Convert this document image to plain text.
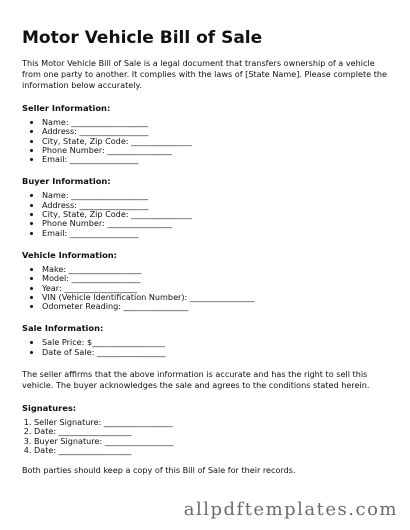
Motor Vehicle Bill of Sale

This Motor Vehicle Bill of Sale is a legal document that transfers ownership of a vehicle from one party to another. It complies with the laws of [State Name]. Please complete the information below accurately.

Seller Information:
• Name: ___________________
• Address: _________________
• City, State, Zip Code: _______________
• Phone Number: ________________
• Email: _________________
Buyer Information:
• Name: ___________________
• Address: _________________
• City, State, Zip Code: _______________
• Phone Number: ________________
• Email: _________________
Vehicle Information:
• Make: __________________
• Model: _________________
• Year: __________________
• VIN (Vehicle Identification Number): ________________
• Odometer Reading: ________________
Sale Information:
• Sale Price: $__________________
• Date of Sale: _________________

The seller affirms that the above information is accurate and has the right to sell this vehicle. The buyer acknowledges the sale and agrees to the conditions stated herein.

Signatures:
1. Seller Signature: _________________
2. Date: __________________
3. Buyer Signature: _________________
4. Date: __________________

Both parties should keep a copy of this Bill of Sale for their records.

allpdftemplates.com
